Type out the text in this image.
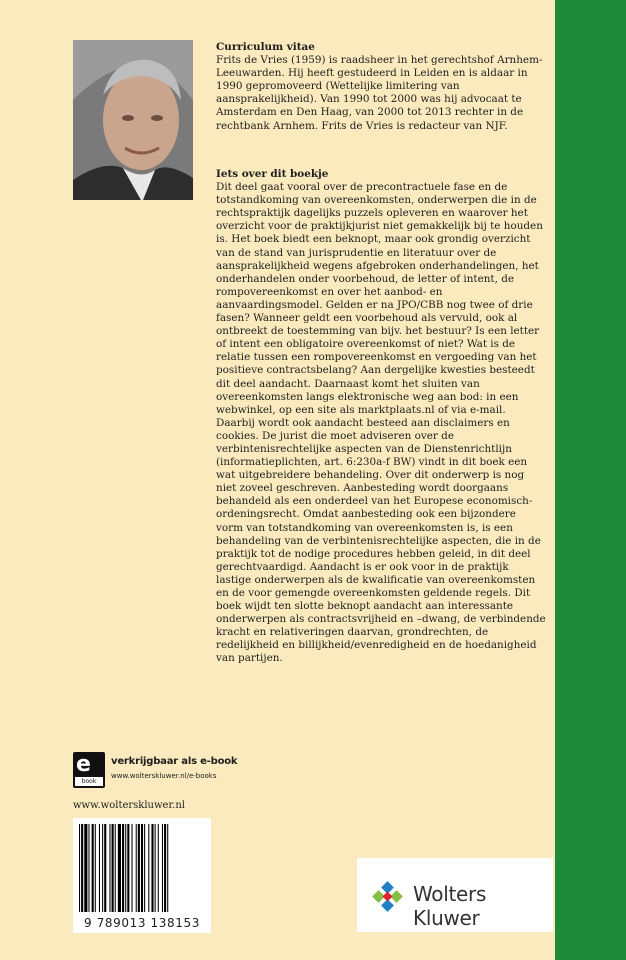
Curriculum vitae
Frits de Vries (1959) is raadsheer in het gerechtshof Arnhem-Leeuwarden. Hij heeft gestudeerd in Leiden en is aldaar in 1990 gepromoveerd (Wettelijke limitering van aansprakelijkheid). Van 1990 tot 2000 was hij advocaat te Amsterdam en Den Haag, van 2000 tot 2013 rechter in de rechtbank Arnhem. Frits de Vries is redacteur van NJF.
Iets over dit boekje
Dit deel gaat vooral over de precontractuele fase en de totstandkoming van overeenkomsten, onderwerpen die in de rechtspraktijk dagelijks puzzels opleveren en waarover het overzicht voor de praktijkjurist niet gemakkelijk bij te houden is. Het boek biedt een beknopt, maar ook grondig overzicht van de stand van jurisprudentie en literatuur over de aansprakelijkheid wegens afgebroken onderhandelingen, het onderhandelen onder voorbehoud, de letter of intent, de rompovereenkomst en over het aanbod- en aanvaardingsmodel. Gelden er na JPO/CBB nog twee of drie fasen? Wanneer geldt een voorbehoud als vervuld, ook al ontbreekt de toestemming van bijv. het bestuur? Is een letter of intent een obligatoire overeenkomst of niet? Wat is de relatie tussen een rompovereenkomst en vergoeding van het positieve contractsbelang? Aan dergelijke kwesties besteedt dit deel aandacht. Daarnaast komt het sluiten van overeenkomsten langs elektronische weg aan bod: in een webwinkel, op een site als marktplaats.nl of via e-mail. Daarbij wordt ook aandacht besteed aan disclaimers en cookies. De jurist die moet adviseren over de verbintenisrechtelijke aspecten van de Dienstenrichtlijn (informatieplichten, art. 6:230a-f BW) vindt in dit boek een wat uitgebreidere behandeling. Over dit onderwerp is nog niet zoveel geschreven. Aanbesteding wordt doorgaans behandeld als een onderdeel van het Europese economisch-ordeningsrecht. Omdat aanbesteding ook een bijzondere vorm van totstandkoming van overeenkomsten is, is een behandeling van de verbintenisrechtelijke aspecten, die in de praktijk tot de nodige procedures hebben geleid, in dit deel gerechtvaardigd. Aandacht is er ook voor in de praktijk lastige onderwerpen als de kwalificatie van overeenkomsten en de voor gemengde overeenkomsten geldende regels. Dit boek wijdt ten slotte beknopt aandacht aan interessante onderwerpen als contractsvrijheid en –dwang, de verbindende kracht en relativeringen daarvan, grondrechten, de redelijkheid en billijkheid/evenredigheid en de hoedanigheid van partijen.
e
book
verkrijgbaar als e-book
www.wolterskluwer.nl/e-books
www.wolterskluwer.nl
9 789013 138153
Wolters Kluwer
